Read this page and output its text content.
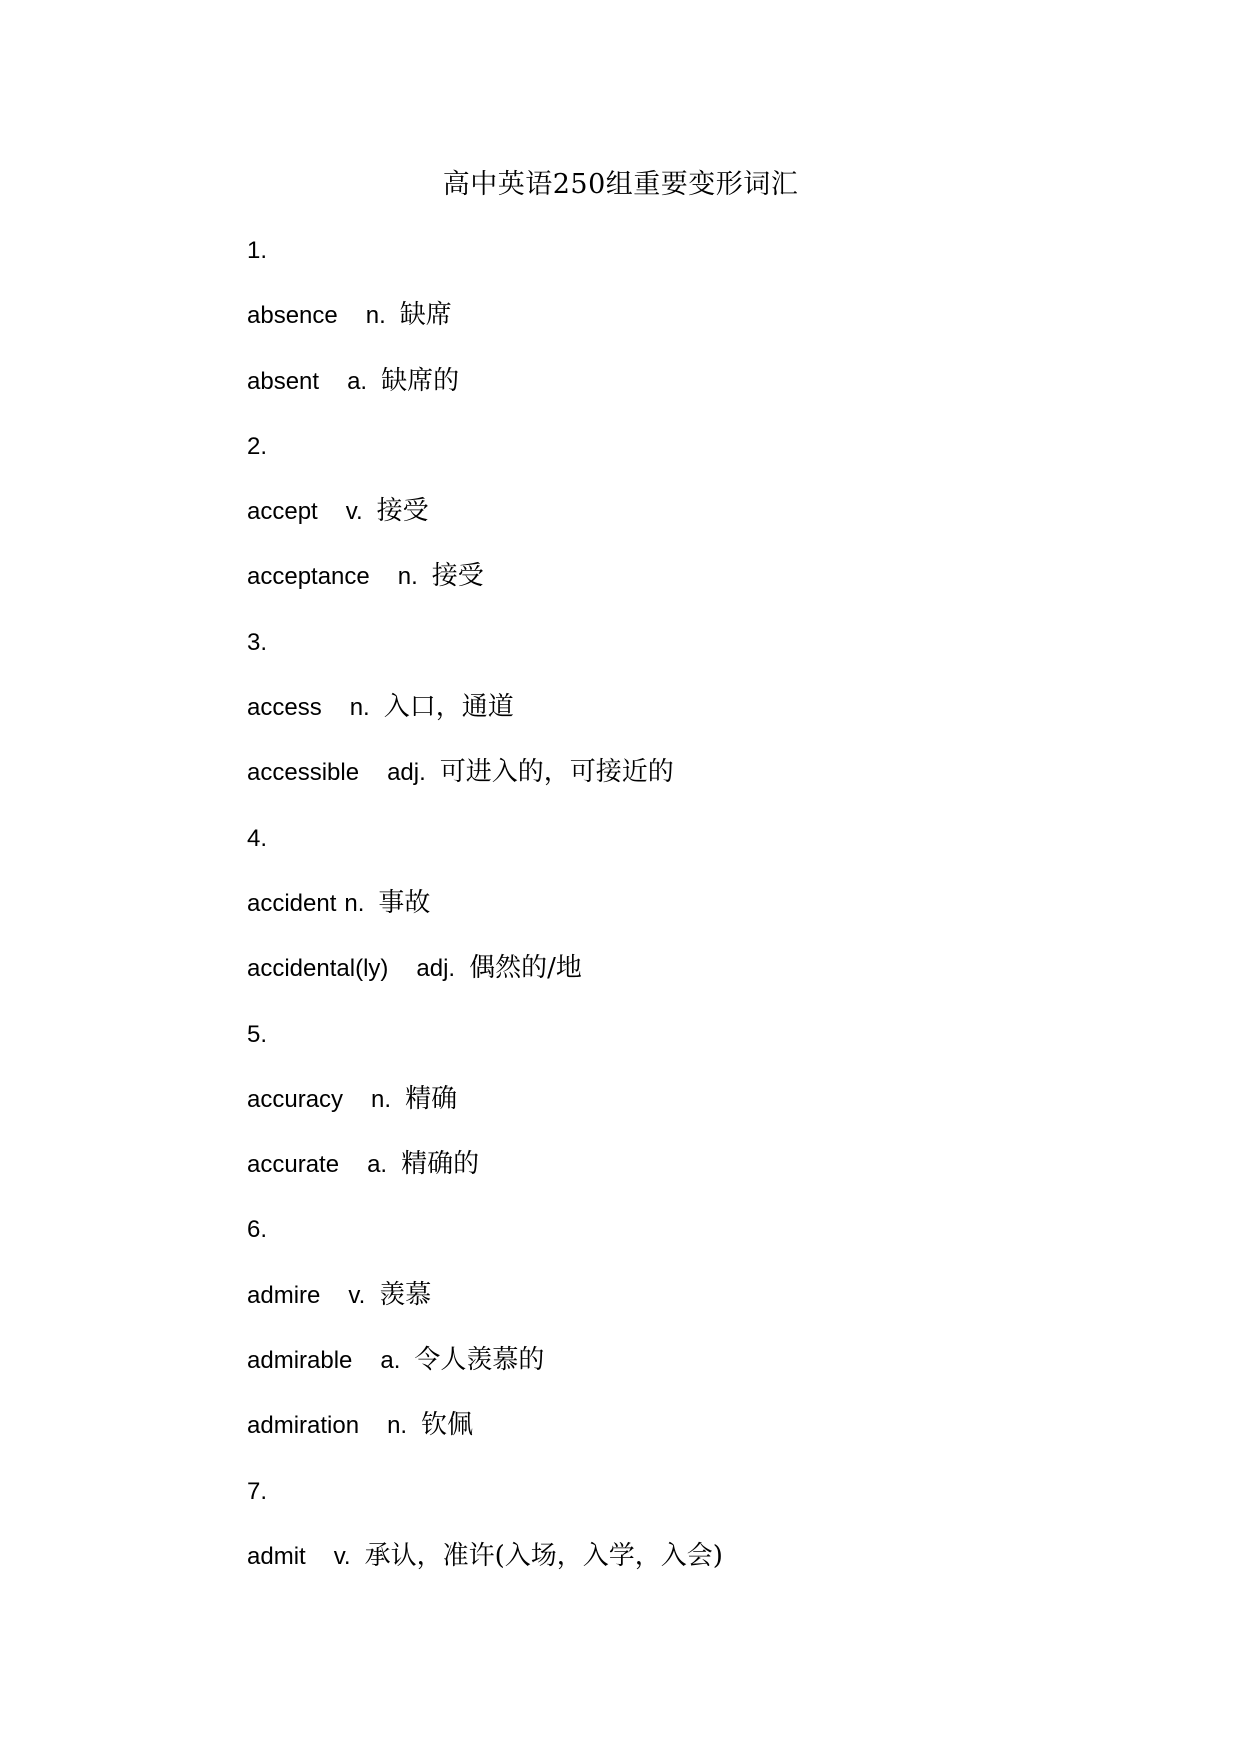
高中英语250组重要变形词汇
1.
absence n. 缺席
absent a. 缺席的
2.
accept v. 接受
acceptance n. 接受
3.
access n. 入口，通道
accessible adj. 可进入的，可接近的
4.
accident n. 事故
accidental(ly) adj. 偶然的/地
5.
accuracy n. 精确
accurate a. 精确的
6.
admire v. 羡慕
admirable a. 令人羡慕的
admiration n. 钦佩
7.
admit v. 承认，准许(入场，入学，入会)
